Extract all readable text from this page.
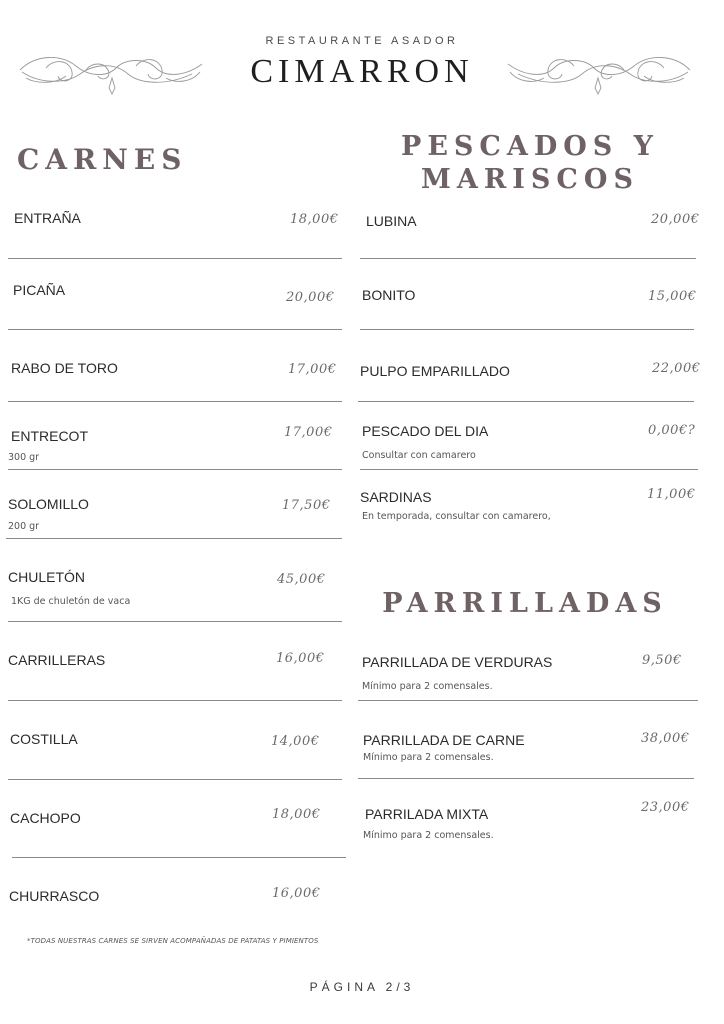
RESTAURANTE ASADOR
CIMARRON
CARNES	PESCADOS Y
MARISCOS
PARRILLADAS
ENTRAÑA	18,00€
PICAÑA	20,00€
RABO DE TORO	17,00€
ENTRECOT	17,00€
300 gr
SOLOMILLO	17,50€
200 gr
CHULETÓN	45,00€
1KG de chuletón de vaca
CARRILLERAS	16,00€
COSTILLA	14,00€
CACHOPO	18,00€
CHURRASCO	16,00€
LUBINA	20,00€
BONITO	15,00€
PULPO EMPARILLADO	22,00€
PESCADO DEL DIA	0,00€?
Consultar con camarero
SARDINAS	11,00€
En temporada, consultar con camarero,
PARRILLADA DE VERDURAS	9,50€
Mínimo para 2 comensales.
PARRILLADA DE CARNE	38,00€
Mínimo para 2 comensales.
PARRILADA MIXTA	23,00€
Mínimo para 2 comensales.
*TODAS NUESTRAS CARNES SE SIRVEN ACOMPAÑADAS DE PATATAS Y PIMIENTOS
PÁGINA 2/3
